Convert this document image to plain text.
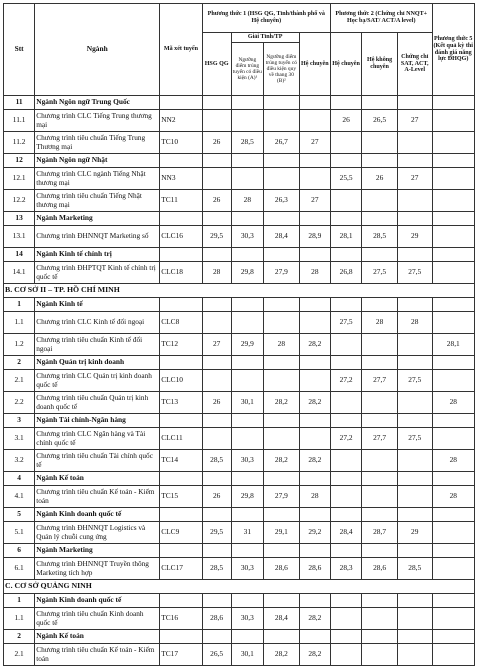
Stt	Ngành	Mã xét tuyển	Phương thức 1 (HSG QG, Tỉnh/thành phố và Hệ chuyên)				Phương thức 2 (Chứng chỉ NNQT+ Học bạ/SAT/ ACT/A level)			Phương thức 5 (Kết quả kỳ thi đánh giá năng lực ĐHQG)
			HSG QG	Giải Tỉnh/TP		Hệ chuyên	Hệ chuyên	Hệ không chuyên	Chứng chỉ SAT, ACT, A-Level	
				Ngưỡng điểm trúng tuyển có điều kiện (A)¹	Ngưỡng điểm trúng tuyển có điều kiện quy về thang 30 (B)²					
11	Ngành Ngôn ngữ Trung Quốc									
11.1	Chương trình CLC Tiếng Trung thương mại	NN2					26	26,5	27	
11.2	Chương trình tiêu chuẩn Tiếng Trung Thương mại	TC10	26	28,5	26,7	27				
12	Ngành Ngôn ngữ Nhật									
12.1	Chương trình CLC ngành Tiếng Nhật thương mại	NN3					25,5	26	27	
12.2	Chương trình tiêu chuẩn Tiếng Nhật thương mại	TC11	26	28	26,3	27				
13	Ngành Marketing									
13.1	Chương trình ĐHNNQT Marketing số	CLC16	29,5	30,3	28,4	28,9	28,1	28,5	29	
14	Ngành Kinh tế chính trị									
14.1	Chương trình ĐHPTQT Kinh tế chính trị quốc tế	CLC18	28	29,8	27,9	28	26,8	27,5	27,5	
B. CƠ SỞ II – TP. HỒ CHÍ MINH										
1	Ngành Kinh tế									
1.1	Chương trình CLC Kinh tế đối ngoại	CLC8					27,5	28	28	
1.2	Chương trình tiêu chuẩn Kinh tế đối ngoại	TC12	27	29,9	28	28,2				28,1
2	Ngành Quản trị kinh doanh									
2.1	Chương trình CLC Quản trị kinh doanh quốc tế	CLC10					27,2	27,7	27,5	
2.2	Chương trình tiêu chuẩn Quản trị kinh doanh quốc tế	TC13	26	30,1	28,2	28,2				28
3	Ngành Tài chính-Ngân hàng									
3.1	Chương trình CLC Ngân hàng và Tài chính quốc tế	CLC11					27,2	27,7	27,5	
3.2	Chương trình tiêu chuẩn Tài chính quốc tế	TC14	28,5	30,3	28,2	28,2				28
4	Ngành Kế toán									
4.1	Chương trình tiêu chuẩn Kế toán - Kiểm toán	TC15	26	29,8	27,9	28				28
5	Ngành Kinh doanh quốc tế									
5.1	Chương trình ĐHNNQT Logistics và Quản lý chuỗi cung ứng	CLC9	29,5	31	29,1	29,2	28,4	28,7	29	
6	Ngành Marketing									
6.1	Chương trình ĐHNNQT Truyền thông Marketing tích hợp	CLC17	28,5	30,3	28,6	28,6	28,3	28,6	28,5	
C. CƠ SỞ QUẢNG NINH										
1	Ngành Kinh doanh quốc tế									
1.1	Chương trình tiêu chuẩn Kinh doanh quốc tế	TC16	28,6	30,3	28,4	28,2				
2	Ngành Kế toán									
2.1	Chương trình tiêu chuẩn Kế toán - Kiểm toán	TC17	26,5	30,1	28,2	28,2				
